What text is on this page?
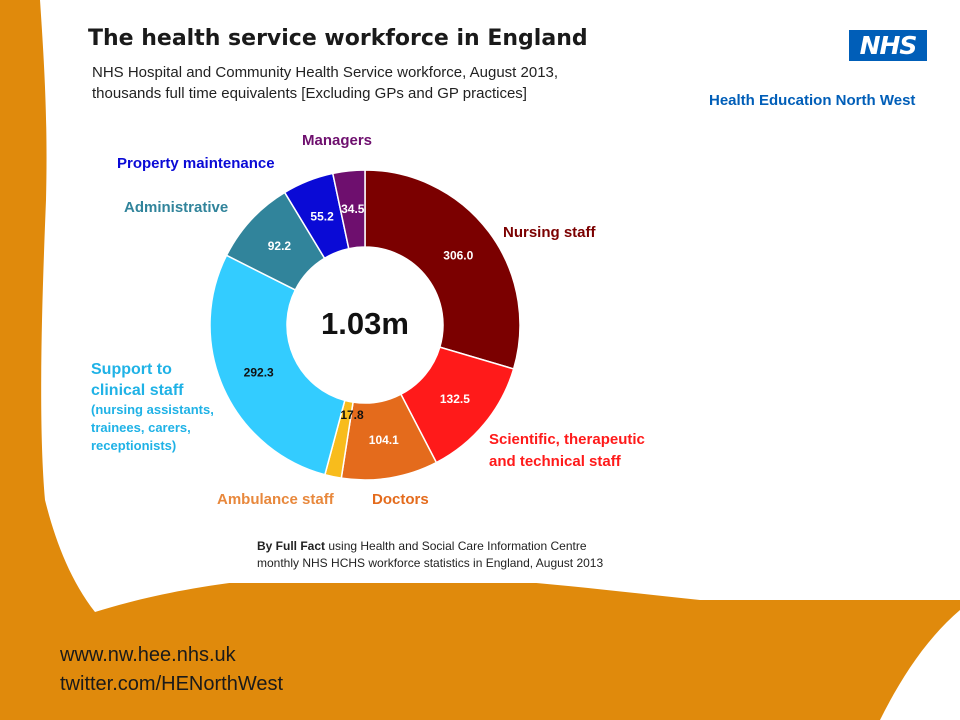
The health service workforce in England
NHS Hospital and Community Health Service workforce, August 2013,
thousands full time equivalents [Excluding GPs and GP practices]
NHS
Health Education North West
306.0
132.5
104.1
17.8
292.3
92.2
55.2
34.5
1.03m
Nursing staff
Scientific, therapeutic
and technical staff
Doctors
Ambulance staff
Support to
clinical staff
(nursing assistants,
trainees, carers,
receptionists)
Administrative
Property maintenance
Managers
By Full Fact using Health and Social Care Information Centre
monthly NHS HCHS workforce statistics in England, August 2013
www.nw.hee.nhs.uk
twitter.com/HENorthWest
